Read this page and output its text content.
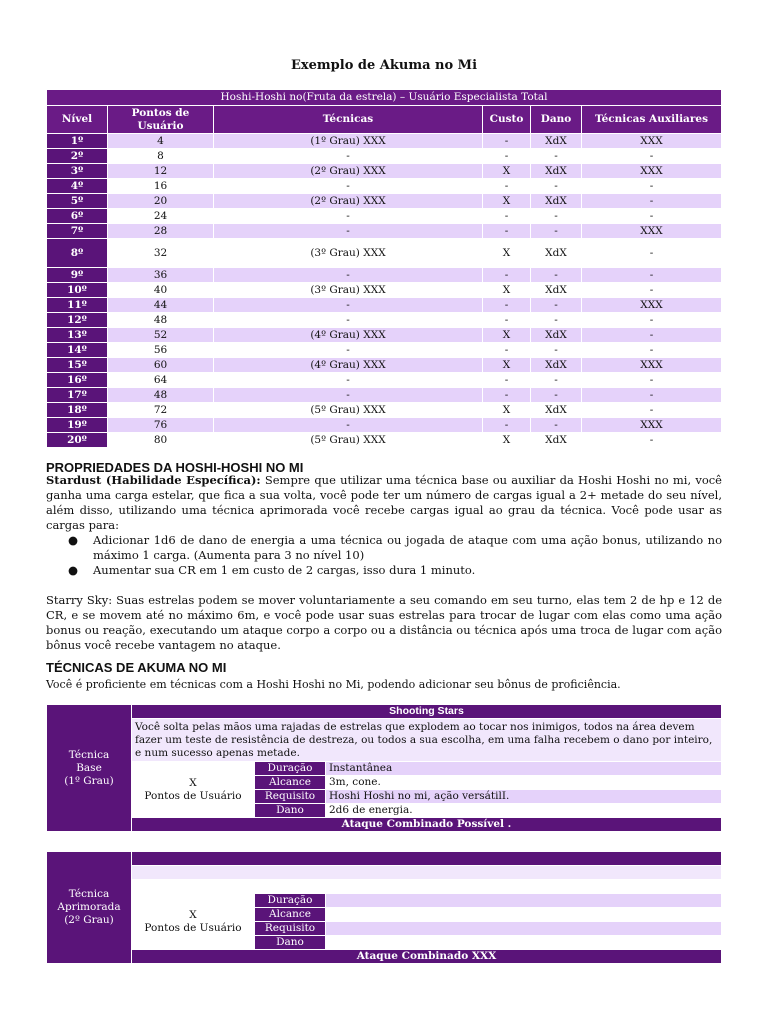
Exemplo de Akuma no Mi
Hoshi-Hoshi no(Fruta da estrela) – Usuário Especialista Total					
Nível	Pontos de Usuário	Técnicas	Custo	Dano	Técnicas Auxiliares
1º	4	(1º Grau) XXX	-	XdX	XXX
2º	8	-	-	-	-
3º	12	(2º Grau) XXX	X	XdX	XXX
4º	16	-	-	-	-
5º	20	(2º Grau) XXX	X	XdX	-
6º	24	-	-	-	-
7º	28	-	-	-	XXX
8º	32	(3º Grau) XXX	X	XdX	-
9º	36	-	-	-	-
10º	40	(3º Grau) XXX	X	XdX	-
11º	44	-	-	-	XXX
12º	48	-	-	-	-
13º	52	(4º Grau) XXX	X	XdX	-
14º	56	-	-	-	-
15º	60	(4º Grau) XXX	X	XdX	XXX
16º	64	-	-	-	-
17º	48	-	-	-	-
18º	72	(5º Grau) XXX	X	XdX	-
19º	76	-	-	-	XXX
20º	80	(5º Grau) XXX	X	XdX	-
PROPRIEDADES DA HOSHI-HOSHI NO MI

Stardust (Habilidade Específica): Sempre que utilizar uma técnica base ou auxiliar da Hoshi Hoshi no mi, você ganha uma carga estelar, que fica a sua volta, você pode ter um número de cargas igual a 2+ metade do seu nível, além disso, utilizando uma técnica aprimorada você recebe cargas igual ao grau da técnica. Você pode usar as cargas para:

● Adicionar 1d6 de dano de energia a uma técnica ou jogada de ataque com uma ação bonus, utilizando no máximo 1 carga. (Aumenta para 3 no nível 10)
● Aumentar sua CR em 1 em custo de 2 cargas, isso dura 1 minuto.

Starry Sky: Suas estrelas podem se mover voluntariamente a seu comando em seu turno, elas tem 2 de hp e 12 de CR, e se movem até no máximo 6m, e você pode usar suas estrelas para trocar de lugar com elas como uma ação bonus ou reação, executando um ataque corpo a corpo ou a distância ou técnica após uma troca de lugar com ação bônus você recebe vantagem no ataque.

TÉCNICAS DE AKUMA NO MI
Você é proficiente em técnicas com a Hoshi Hoshi no Mi, podendo adicionar seu bônus de proficiência.
Técnica
Base
(1º Grau)	Shooting Stars		
	Você solta pelas mãos uma rajadas de estrelas que explodem ao tocar nos inimigos, todos na área devem fazer um teste de resistência de destreza, ou todos a sua escolha, em uma falha recebem o dano por inteiro, e num sucesso apenas metade.		

	X
Pontos de Usuário	Duração	Instantânea
		Alcance	3m, cone.
		Requisito	Hoshi Hoshi no mi, ação versátilI.
		Dano	2d6 de energia.
	Ataque Combinado Possível .		
Técnica
Aprimorada
(2º Grau)			

	X
Pontos de Usuário	Duração	
		Alcance	
		Requisito	
		Dano	
	Ataque Combinado XXX		
